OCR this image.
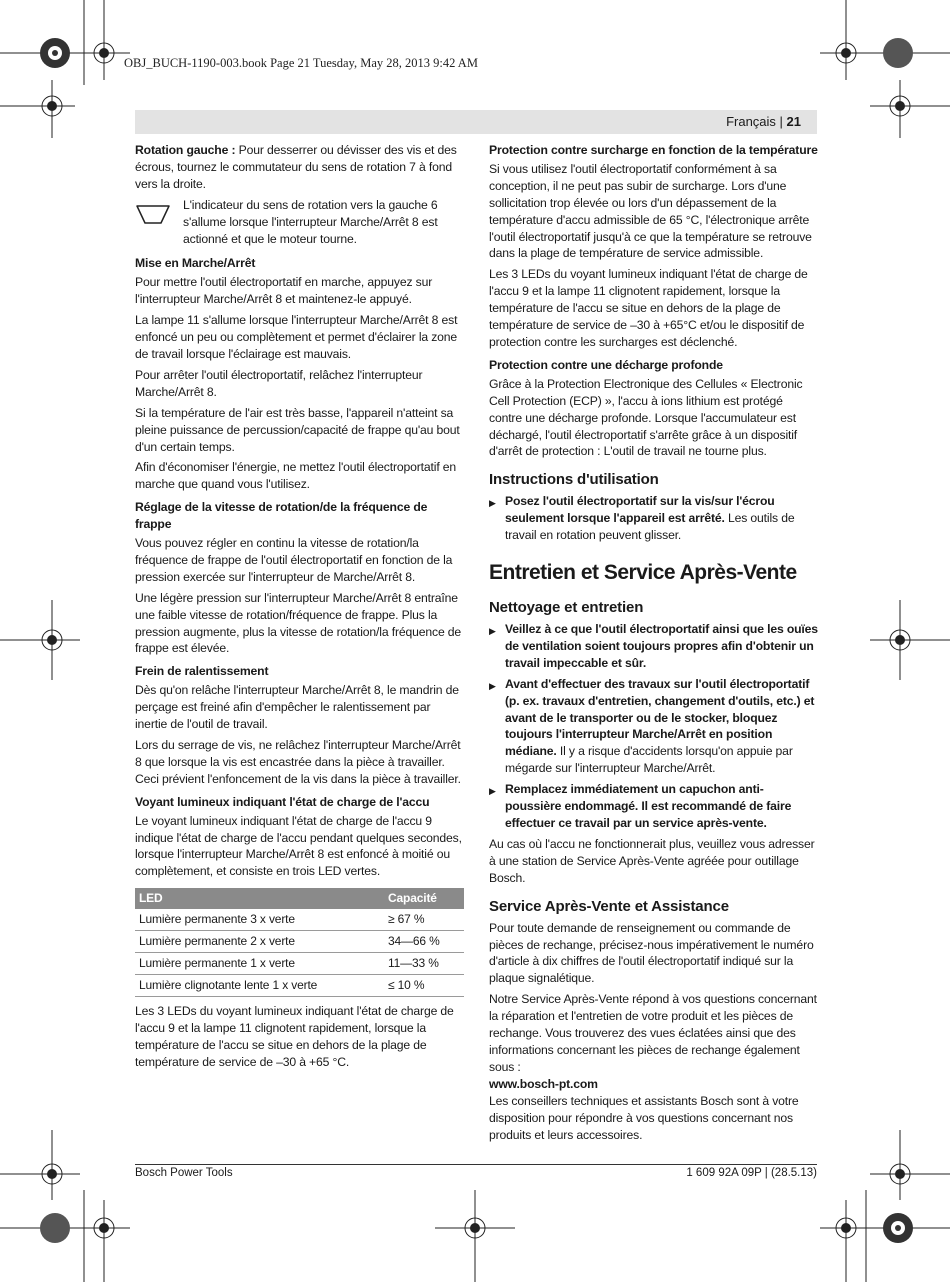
OBJ_BUCH-1190-003.book Page 21 Tuesday, May 28, 2013 9:42 AM
Français | 21

Rotation gauche : Pour desserrer ou dévisser des vis et des écrous, tournez le commutateur du sens de rotation 7 à fond vers la droite.

L'indicateur du sens de rotation vers la gauche 6 s'allume lorsque l'interrupteur Marche/Arrêt 8 est actionné et que le moteur tourne.

Mise en Marche/Arrêt

Pour mettre l'outil électroportatif en marche, appuyez sur l'interrupteur Marche/Arrêt 8 et maintenez-le appuyé.

La lampe 11 s'allume lorsque l'interrupteur Marche/Arrêt 8 est enfoncé un peu ou complètement et permet d'éclairer la zone de travail lorsque l'éclairage est mauvais.

Pour arrêter l'outil électroportatif, relâchez l'interrupteur Marche/Arrêt 8.

Si la température de l'air est très basse, l'appareil n'atteint sa pleine puissance de percussion/capacité de frappe qu'au bout d'un certain temps.

Afin d'économiser l'énergie, ne mettez l'outil électroportatif en marche que quand vous l'utilisez.

Réglage de la vitesse de rotation/de la fréquence de frappe

Vous pouvez régler en continu la vitesse de rotation/la fréquence de frappe de l'outil électroportatif en fonction de la pression exercée sur l'interrupteur de Marche/Arrêt 8.

Une légère pression sur l'interrupteur Marche/Arrêt 8 entraîne une faible vitesse de rotation/fréquence de frappe. Plus la pression augmente, plus la vitesse de rotation/la fréquence de frappe est élevée.

Frein de ralentissement

Dès qu'on relâche l'interrupteur Marche/Arrêt 8, le mandrin de perçage est freiné afin d'empêcher le ralentissement par inertie de l'outil de travail.

Lors du serrage de vis, ne relâchez l'interrupteur Marche/Arrêt 8 que lorsque la vis est encastrée dans la pièce à travailler. Ceci prévient l'enfoncement de la vis dans la pièce à travailler.

Voyant lumineux indiquant l'état de charge de l'accu

Le voyant lumineux indiquant l'état de charge de l'accu 9 indique l'état de charge de l'accu pendant quelques secondes, lorsque l'interrupteur Marche/Arrêt 8 est enfoncé à moitié ou complètement, et consiste en trois LED vertes.

LED	Capacité
Lumière permanente 3 x verte	≥ 67 %
Lumière permanente 2 x verte	34—66 %
Lumière permanente 1 x verte	11—33 %
Lumière clignotante lente 1 x verte	≤ 10 %

Les 3 LEDs du voyant lumineux indiquant l'état de charge de l'accu 9 et la lampe 11 clignotent rapidement, lorsque la température de l'accu se situe en dehors de la plage de température de service de –30 à +65 °C.

Protection contre surcharge en fonction de la température

Si vous utilisez l'outil électroportatif conformément à sa conception, il ne peut pas subir de surcharge. Lors d'une sollicitation trop élevée ou lors d'un dépassement de la température d'accu admissible de 65 °C, l'électronique arrête l'outil électroportatif jusqu'à ce que la température se retrouve dans la plage de température de service admissible.

Les 3 LEDs du voyant lumineux indiquant l'état de charge de l'accu 9 et la lampe 11 clignotent rapidement, lorsque la température de l'accu se situe en dehors de la plage de température de service de –30 à +65°C et/ou le dispositif de protection contre les surcharges est déclenché.

Protection contre une décharge profonde

Grâce à la Protection Electronique des Cellules « Electronic Cell Protection (ECP) », l'accu à ions lithium est protégé contre une décharge profonde. Lorsque l'accumulateur est déchargé, l'outil électroportatif s'arrête grâce à un dispositif d'arrêt de protection : L'outil de travail ne tourne plus.

Instructions d'utilisation
▶ Posez l'outil électroportatif sur la vis/sur l'écrou seulement lorsque l'appareil est arrêté. Les outils de travail en rotation peuvent glisser.
Entretien et Service Après-Vente
Nettoyage et entretien
▶ Veillez à ce que l'outil électroportatif ainsi que les ouïes de ventilation soient toujours propres afin d'obtenir un travail impeccable et sûr.
▶ Avant d'effectuer des travaux sur l'outil électroportatif (p. ex. travaux d'entretien, changement d'outils, etc.) et avant de le transporter ou de le stocker, bloquez toujours l'interrupteur Marche/Arrêt en position médiane. Il y a risque d'accidents lorsqu'on appuie par mégarde sur l'interrupteur Marche/Arrêt.
▶ Remplacez immédiatement un capuchon anti-poussière endommagé. Il est recommandé de faire effectuer ce travail par un service après-vente.

Au cas où l'accu ne fonctionnerait plus, veuillez vous adresser à une station de Service Après-Vente agréée pour outillage Bosch.

Service Après-Vente et Assistance

Pour toute demande de renseignement ou commande de pièces de rechange, précisez-nous impérativement le numéro d'article à dix chiffres de l'outil électroportatif indiqué sur la plaque signalétique.

Notre Service Après-Vente répond à vos questions concernant la réparation et l'entretien de votre produit et les pièces de rechange. Vous trouverez des vues éclatées ainsi que des informations concernant les pièces de rechange également sous :

www.bosch-pt.com

Les conseillers techniques et assistants Bosch sont à votre disposition pour répondre à vos questions concernant nos produits et leurs accessoires.

Bosch Power Tools	1 609 92A 09P | (28.5.13)
